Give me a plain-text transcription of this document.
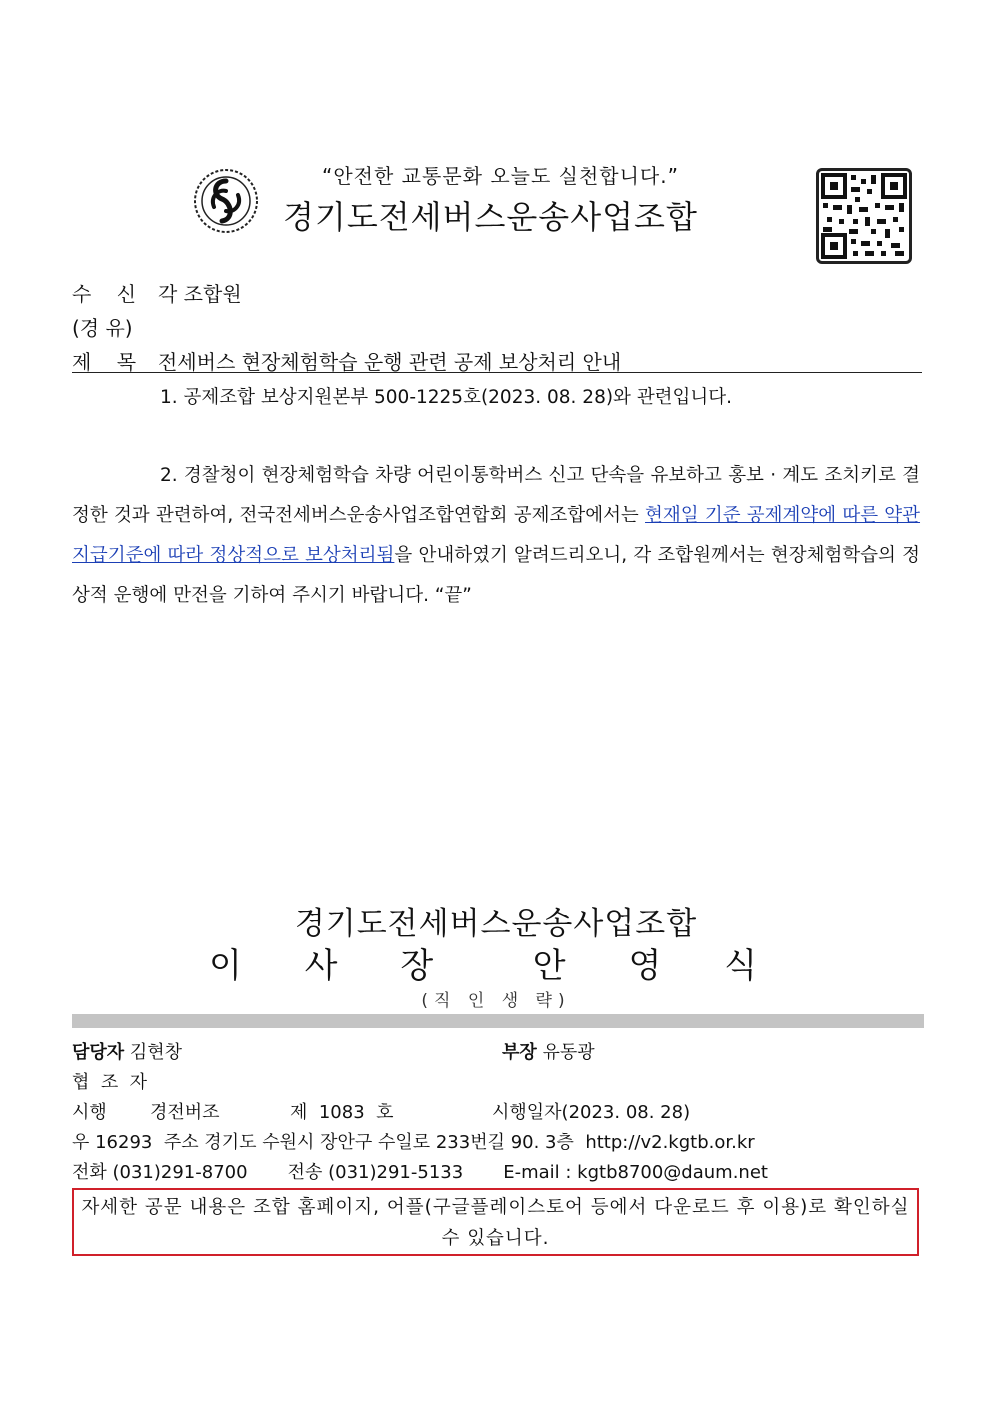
“안전한 교통문화 오늘도 실천합니다.”
경기도전세버스운송사업조합
수    신 각 조합원
(경 유)
제    목 전세버스 현장체험학습 운행 관련 공제 보상처리 안내
1. 공제조합 보상지원본부 500-1225호(2023. 08. 28)와 관련입니다.
2. 경찰청이 현장체험학습 차량 어린이통학버스 신고 단속을 유보하고 홍보 · 계도 조치키로 결정한 것과 관련하여, 전국전세버스운송사업조합연합회 공제조합에서는 현재일 기준 공제계약에 따른 약관지급기준에 따라 정상적으로 보상처리됨을 안내하였기 알려드리오니, 각 조합원께서는 현장체험학습의 정상적 운행에 만전을 기하여 주시기 바랍니다. “끝”
경기도전세버스운송사업조합
이 사 장  안 영 식
(직 인 생 략)
담당자 김현창	부장 유동광
협  조  자
시행 경전버조	제  1083  호	시행일자(2023. 08. 28)
우 16293  주소 경기도 수원시 장안구 수일로 233번길 90. 3층  http://v2.kgtb.or.kr
전화 (031)291-8700       전송 (031)291-5133       E-mail : kgtb8700@daum.net
자세한 공문 내용은 조합 홈페이지, 어플(구글플레이스토어 등에서 다운로드 후 이용)로 확인하실 수 있습니다.
